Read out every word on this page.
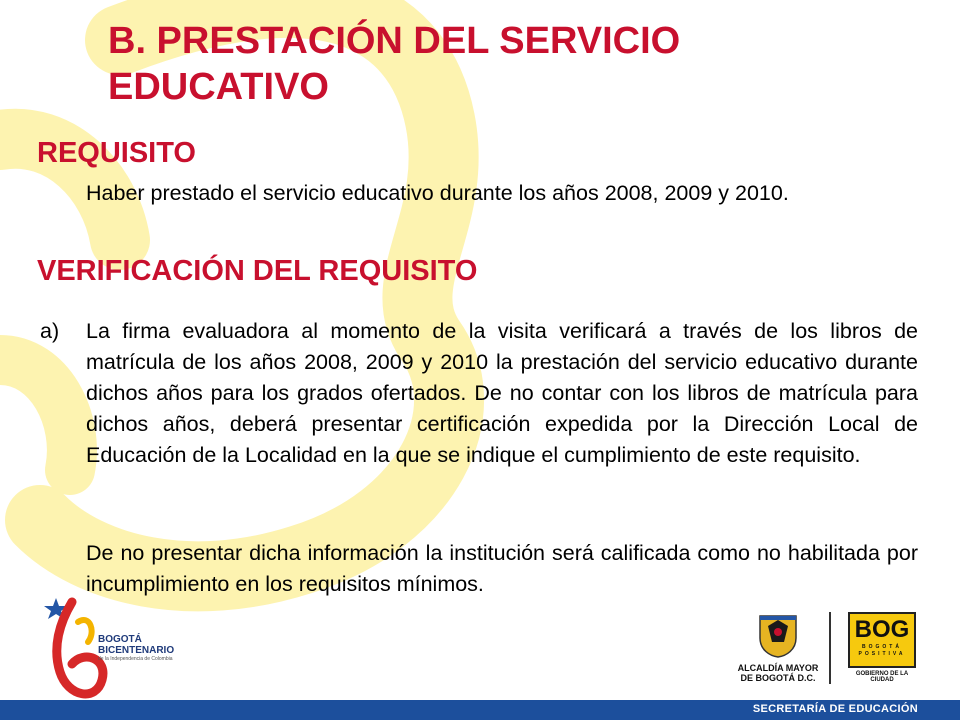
B. PRESTACIÓN DEL SERVICIO EDUCATIVO
REQUISITO

Haber prestado el servicio educativo durante los años 2008, 2009 y 2010.

VERIFICACIÓN DEL REQUISITO
a) La firma evaluadora al momento de la visita verificará a través de los libros de matrícula de los años 2008, 2009 y 2010 la prestación del servicio educativo durante dichos años para los grados ofertados. De no contar con los libros de matrícula para dichos años, deberá presentar certificación expedida por la Dirección Local de Educación de la Localidad en la que se indique el cumplimiento de este requisito.

De no presentar dicha información la institución será calificada como no habilitada por incumplimiento en los requisitos mínimos.

BOGOTÁ
BICENTENARIO
de la Independencia de Colombia
ALCALDÍA MAYOR
DE BOGOTÁ D.C.
BOG
BOGOTÁ
POSITIVA
GOBIERNO DE LA CIUDAD
SECRETARÍA DE EDUCACIÓN
